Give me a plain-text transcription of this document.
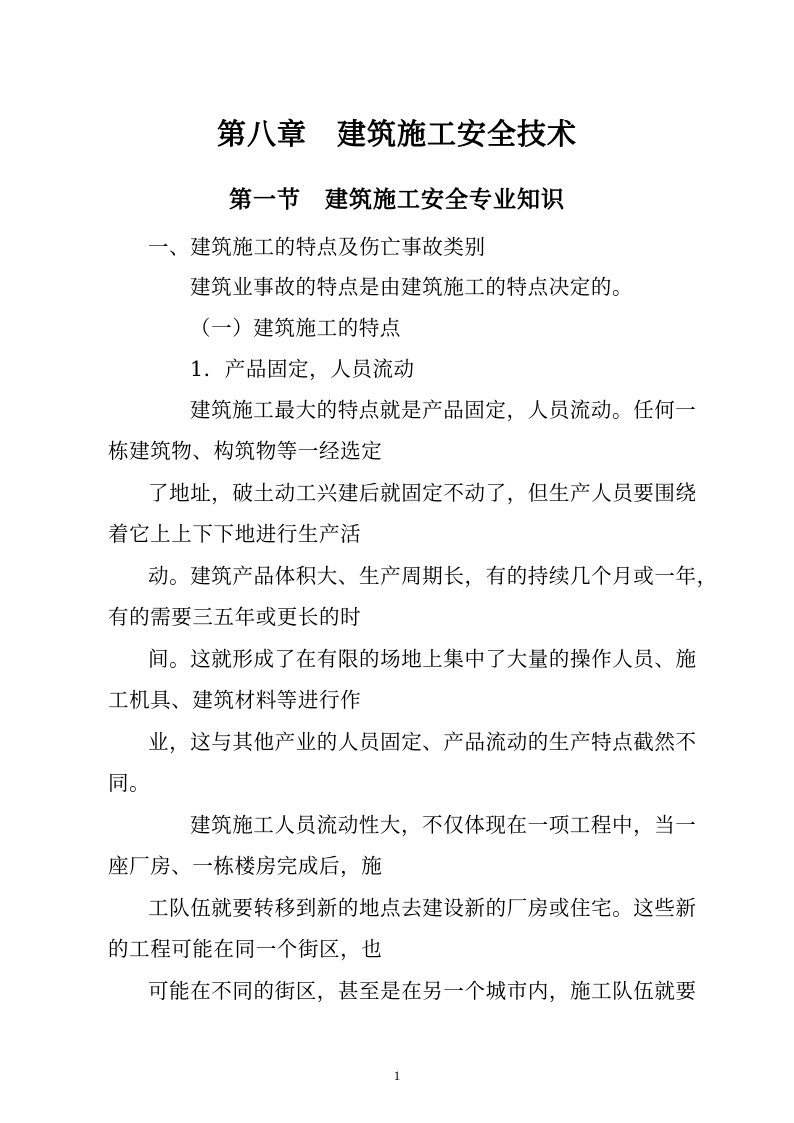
第八章　建筑施工安全技术
第一节　建筑施工安全专业知识
一、建筑施工的特点及伤亡事故类别
建筑业事故的特点是由建筑施工的特点决定的。
（一）建筑施工的特点
1．产品固定，人员流动
建筑施工最大的特点就是产品固定，人员流动。任何一
栋建筑物、构筑物等一经选定
了地址，破土动工兴建后就固定不动了，但生产人员要围绕
着它上上下下地进行生产活
动。建筑产品体积大、生产周期长，有的持续几个月或一年，
有的需要三五年或更长的时
间。这就形成了在有限的场地上集中了大量的操作人员、施
工机具、建筑材料等进行作
业，这与其他产业的人员固定、产品流动的生产特点截然不
同。
建筑施工人员流动性大，不仅体现在一项工程中，当一
座厂房、一栋楼房完成后，施
工队伍就要转移到新的地点去建设新的厂房或住宅。这些新
的工程可能在同一个街区，也
可能在不同的街区，甚至是在另一个城市内，施工队伍就要
1
